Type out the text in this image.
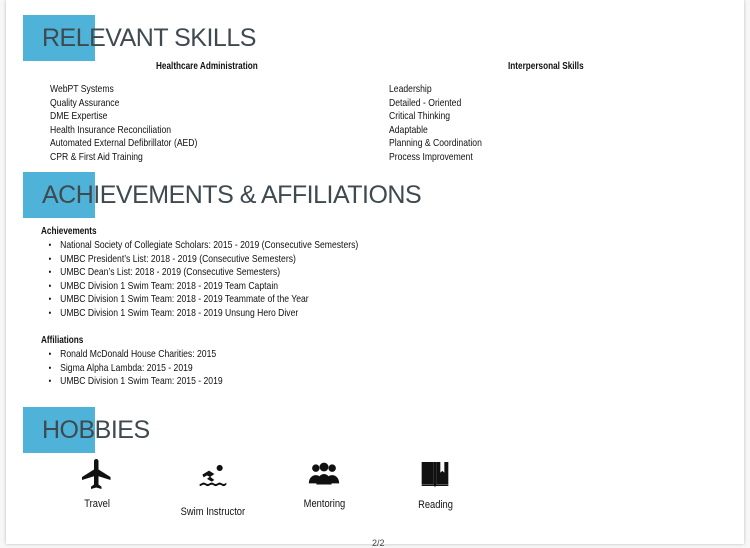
RELEVANT SKILLS
Healthcare Administration	Interpersonal Skills
WebPT Systems
Quality Assurance
DME Expertise
Health Insurance Reconciliation
Automated External Defibrillator (AED)
CPR & First Aid Training
Leadership
Detailed - Oriented
Critical Thinking
Adaptable
Planning & Coordination
Process Improvement
ACHIEVEMENTS & AFFILIATIONS
Achievements
• National Society of Collegiate Scholars: 2015 - 2019 (Consecutive Semesters)
• UMBC President’s List: 2018 - 2019 (Consecutive Semesters)
• UMBC Dean’s List: 2018 - 2019 (Consecutive Semesters)
• UMBC Division 1 Swim Team: 2018 - 2019 Team Captain
• UMBC Division 1 Swim Team: 2018 - 2019 Teammate of the Year
• UMBC Division 1 Swim Team: 2018 - 2019 Unsung Hero Diver
Affiliations
• Ronald McDonald House Charities: 2015
• Sigma Alpha Lambda: 2015 - 2019
• UMBC Division 1 Swim Team: 2015 - 2019
HOBBIES
Travel
Swim Instructor
Mentoring	Reading
2/2
